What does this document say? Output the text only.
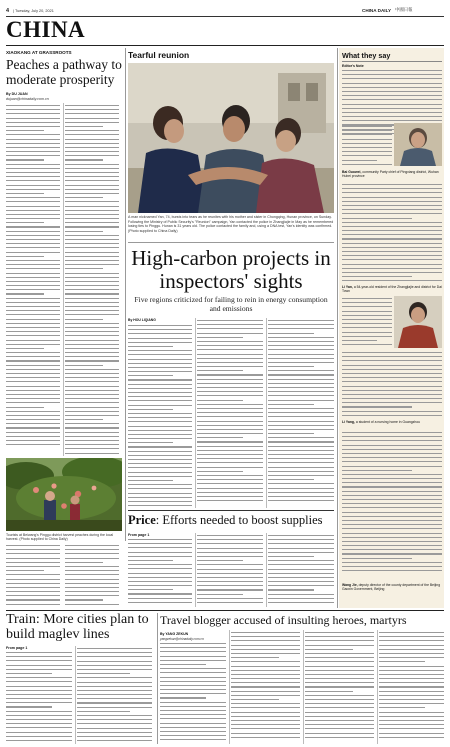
4 | Tuesday, July 20, 2021	CHINA DAILY 中國日報
CHINA
XIAOKANG AT GRASSROOTS
Peaches a pathway to moderate prosperity
By DU JUAN
dujuan@chinadaily.com.cn
Tourists at Beiwang's Pinggu district harvest peaches during the local harvest. (Photo supplied to China Daily)
Tearful reunion
A man nicknamed Yan, 74, bursts into tears as he reunites with his mother and sister in Chongqing, Hunan province, on Sunday. Following the Ministry of Public Security's "Reunion" campaign, Yan contacted the police in Zhangjiajie in May as he remembered losing ties to Pinggu. Hunan is 31 years old. The police contacted the family and, using a DNA test, Yan's identity was confirmed. (Photo supplied to China Daily)
High-carbon projects in inspectors' sights
Five regions criticized for failing to rein in energy consumption and emissions
By HOU LIQIANG
What they say
Editor's Note
Bai Guowei, community Party chief of Pingxiang district, Wuhan Hubei province
Li Yan, a 54-year-old resident of the Zhangjiajie and district for Dai Town
Li Yang, a student of a nursing home in Guangzhou
Wang Jie, deputy director of the county department of the Beijing Gaoxin Government, Beijing
Price: Efforts needed to boost supplies
From page 1
Train: More cities plan to build maglev lines
From page 1
Travel blogger accused of insulting heroes, martyrs
By YANG ZEKUN
yangzekun@chinadaily.com.cn
